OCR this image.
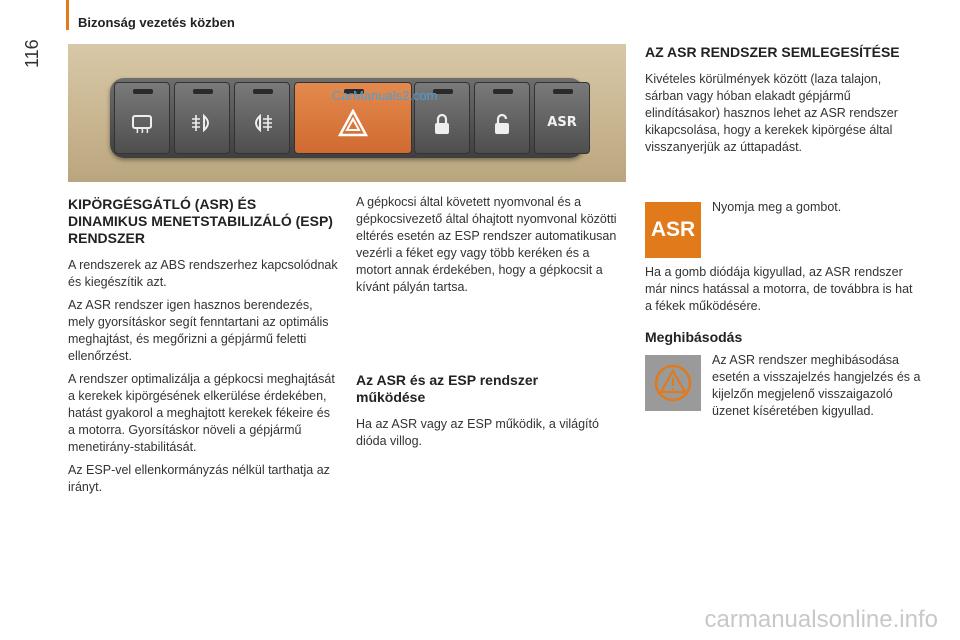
Bizonság vezetés közben
116
ASR
CarManuals2.com
KIPÖRGÉSGÁTLÓ (ASR) ÉS DINAMIKUS MENETSTABILIZÁLÓ (ESP) RENDSZER

A rendszerek az ABS rendszerhez kapcsolódnak és kiegészítik azt.

Az ASR rendszer igen hasznos berendezés, mely gyorsításkor segít fenntartani az optimális meghajtást, és megőrizni a gépjármű feletti ellenőrzést.

A rendszer optimalizálja a gépkocsi meghajtását a kerekek kipörgésének elkerülése érdekében, hatást gyakorol a meghajtott kerekek fékeire és a motorra. Gyorsításkor növeli a gépjármű menetirány-stabilitását.

Az ESP-vel ellenkormányzás nélkül tarthatja az irányt.

A gépkocsi által követett nyomvonal és a gépkocsivezető által óhajtott nyomvonal közötti eltérés esetén az ESP rendszer automatikusan vezérli a féket egy vagy több keréken és a motort annak érdekében, hogy a gépkocsit a kívánt pályán tartsa.

Az ASR és az ESP rendszer működése

Ha az ASR vagy az ESP működik, a világító dióda villog.

AZ ASR RENDSZER SEMLEGESÍTÉSE

Kivételes körülmények között (laza talajon, sárban vagy hóban elakadt gépjármű elindításakor) hasznos lehet az ASR rendszer kikapcsolása, hogy a kerekek kipörgése által visszanyerjük az úttapadást.

ASR

Nyomja meg a gombot.

Ha a gomb diódája kigyullad, az ASR rendszer már nincs hatással a motorra, de továbbra is hat a fékek működésére.

Meghibásodás

Az ASR rendszer meghibásodása esetén a visszajelzés hangjelzés és a kijelzőn megjelenő visszaigazoló üzenet kíséretében kigyullad.

carmanualsonline.info
